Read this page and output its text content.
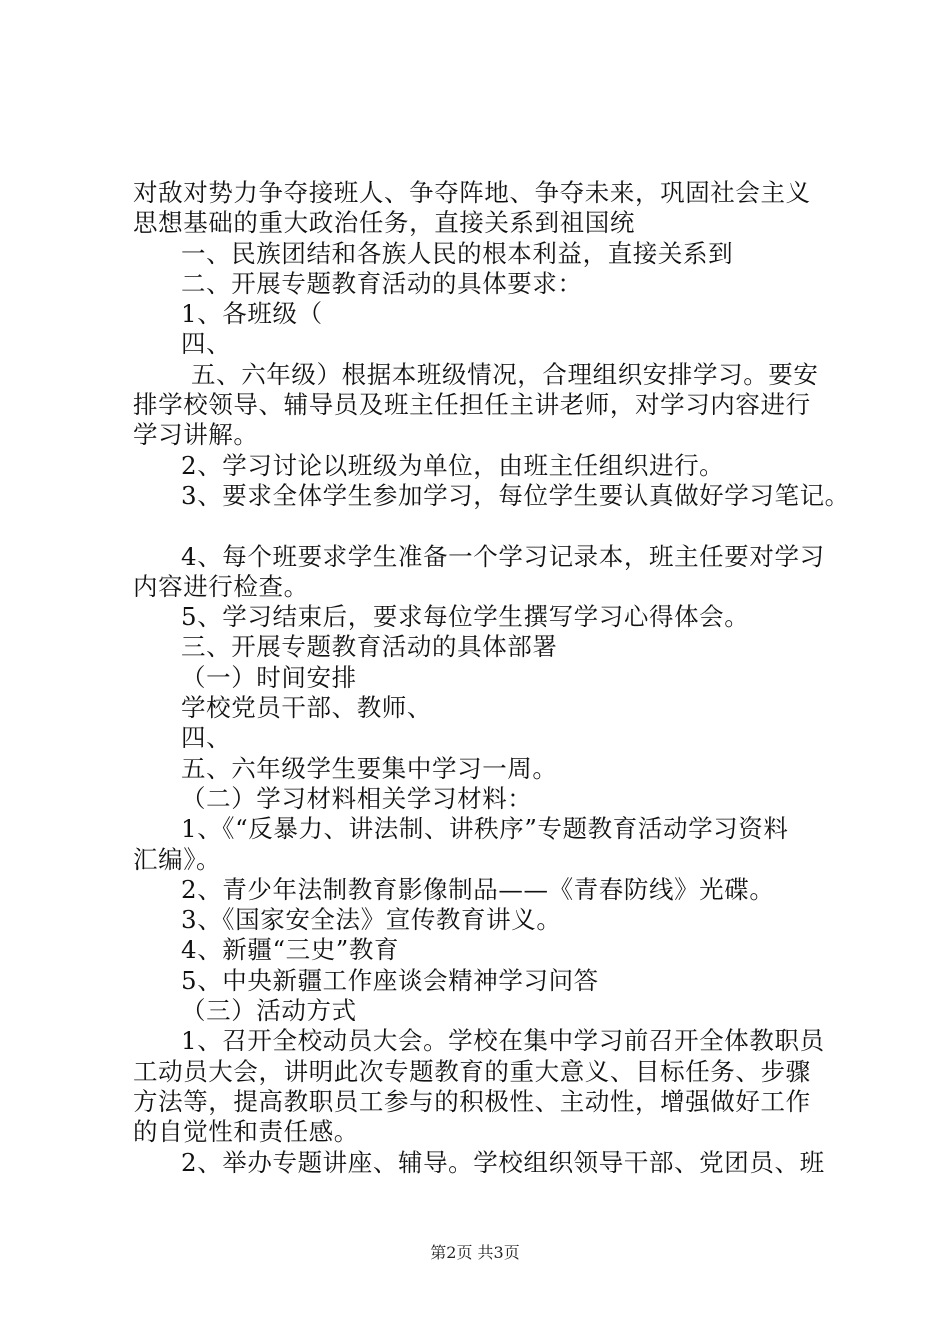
对敌对势力争夺接班人、争夺阵地、争夺未来，巩固社会主义
思想基础的重大政治任务，直接关系到祖国统
一、民族团结和各族人民的根本利益，直接关系到
二、开展专题教育活动的具体要求：
1、各班级（
四、
五、六年级）根据本班级情况，合理组织安排学习。要安
排学校领导、辅导员及班主任担任主讲老师，对学习内容进行
学习讲解。
2、学习讨论以班级为单位，由班主任组织进行。
3、要求全体学生参加学习，每位学生要认真做好学习笔记。
4、每个班要求学生准备一个学习记录本，班主任要对学习
内容进行检查。
5、学习结束后，要求每位学生撰写学习心得体会。
三、开展专题教育活动的具体部署
（一）时间安排
学校党员干部、教师、
四、
五、六年级学生要集中学习一周。
（二）学习材料相关学习材料：
1、《“反暴力、讲法制、讲秩序”专题教育活动学习资料
汇编》。
2、青少年法制教育影像制品——《青春防线》光碟。
3、《国家安全法》宣传教育讲义。
4、新疆“三史”教育
5、中央新疆工作座谈会精神学习问答
（三）活动方式
1、召开全校动员大会。学校在集中学习前召开全体教职员
工动员大会，讲明此次专题教育的重大意义、目标任务、步骤
方法等，提高教职员工参与的积极性、主动性，增强做好工作
的自觉性和责任感。
2、举办专题讲座、辅导。学校组织领导干部、党团员、班
第2页 共3页
